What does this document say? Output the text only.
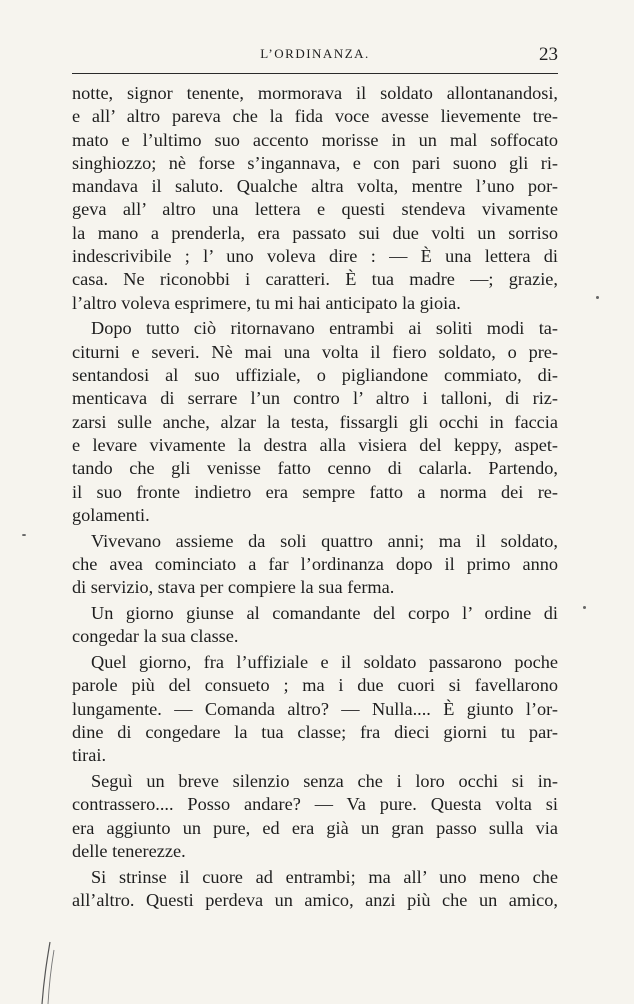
L’ORDINANZA.	23
notte, signor tenente, mormorava il soldato allontanandosi,
e all’ altro pareva che la fida voce avesse lievemente tre-
mato e l’ultimo suo accento morisse in un mal soffocato
singhiozzo; nè forse s’ingannava, e con pari suono gli ri-
mandava il saluto. Qualche altra volta, mentre l’uno por-
geva all’ altro una lettera e questi stendeva vivamente
la mano a prenderla, era passato sui due volti un sorriso
indescrivibile ; l’ uno voleva dire : — È una lettera di
casa. Ne riconobbi i caratteri. È tua madre —; grazie,
l’altro voleva esprimere, tu mi hai anticipato la gioia.
Dopo tutto ciò ritornavano entrambi ai soliti modi ta-
citurni e severi. Nè mai una volta il fiero soldato, o pre-
sentandosi al suo uffiziale, o pigliandone commiato, di-
menticava di serrare l’un contro l’ altro i talloni, di riz-
zarsi sulle anche, alzar la testa, fissargli gli occhi in faccia
e levare vivamente la destra alla visiera del keppy, aspet-
tando che gli venisse fatto cenno di calarla. Partendo,
il suo fronte indietro era sempre fatto a norma dei re-
golamenti.
Vivevano assieme da soli quattro anni; ma il soldato,
che avea cominciato a far l’ordinanza dopo il primo anno
di servizio, stava per compiere la sua ferma.
Un giorno giunse al comandante del corpo l’ ordine di
congedar la sua classe.
Quel giorno, fra l’uffiziale e il soldato passarono poche
parole più del consueto ; ma i due cuori si favellarono
lungamente. — Comanda altro? — Nulla.... È giunto l’or-
dine di congedare la tua classe; fra dieci giorni tu par-
tirai.
Seguì un breve silenzio senza che i loro occhi si in-
contrassero.... Posso andare? — Va pure. Questa volta si
era aggiunto un pure, ed era già un gran passo sulla via
delle tenerezze.
Si strinse il cuore ad entrambi; ma all’ uno meno che
all’altro. Questi perdeva un amico, anzi più che un amico,
